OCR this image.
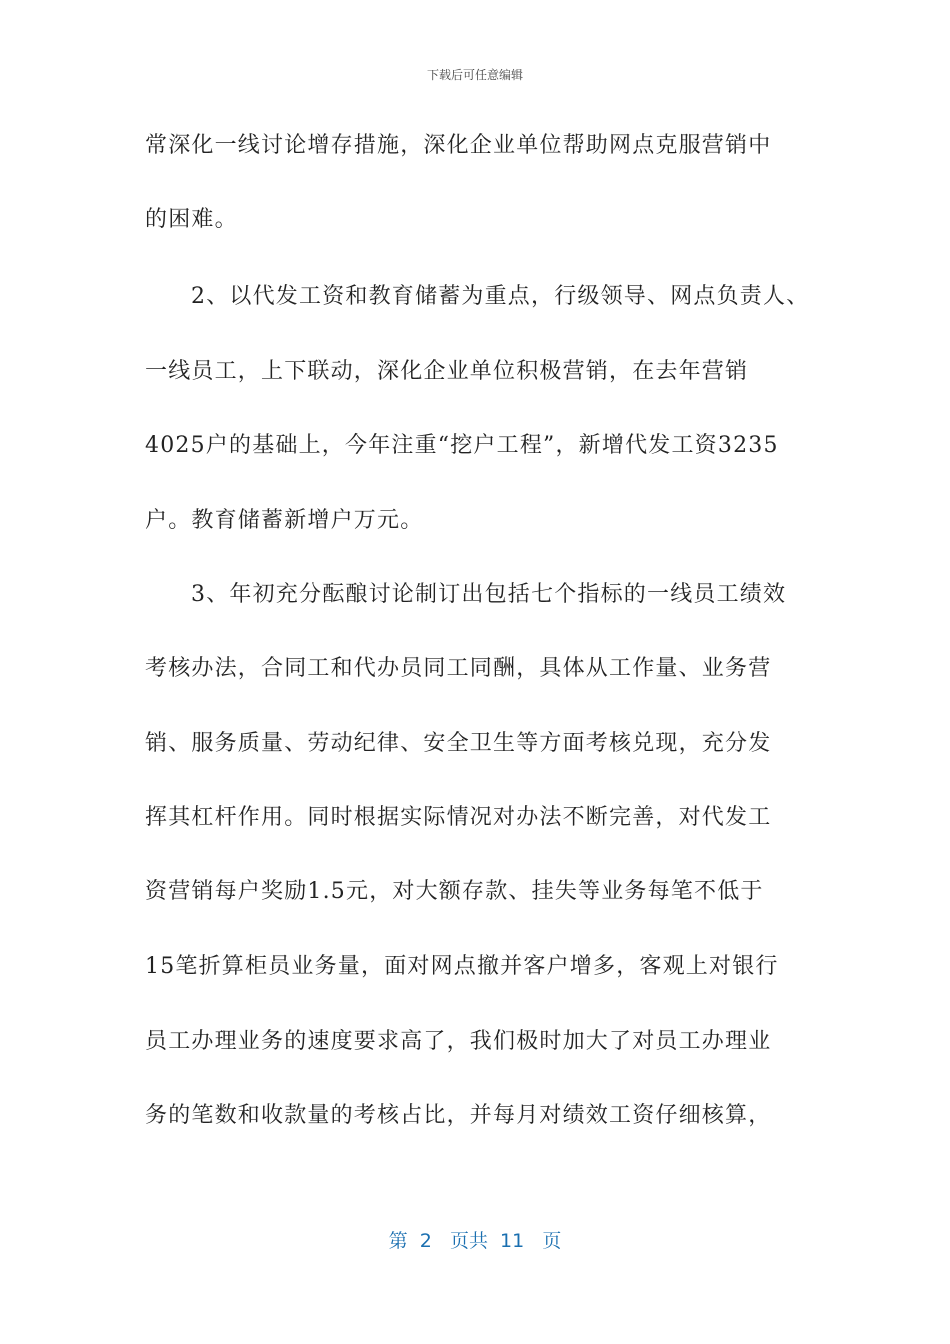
下载后可任意编辑
常深化一线讨论增存措施，深化企业单位帮助网点克服营销中
的困难。
2、以代发工资和教育储蓄为重点，行级领导、网点负责人、
一线员工，上下联动，深化企业单位积极营销，在去年营销
4025户的基础上，今年注重“挖户工程”，新增代发工资3235
户。教育储蓄新增户万元。
3、年初充分酝酿讨论制订出包括七个指标的一线员工绩效
考核办法，合同工和代办员同工同酬，具体从工作量、业务营
销、服务质量、劳动纪律、安全卫生等方面考核兑现，充分发
挥其杠杆作用。同时根据实际情况对办法不断完善，对代发工
资营销每户奖励1.5元，对大额存款、挂失等业务每笔不低于
15笔折算柜员业务量，面对网点撤并客户增多，客观上对银行
员工办理业务的速度要求高了，我们极时加大了对员工办理业
务的笔数和收款量的考核占比，并每月对绩效工资仔细核算，
第  2   页共  11   页
